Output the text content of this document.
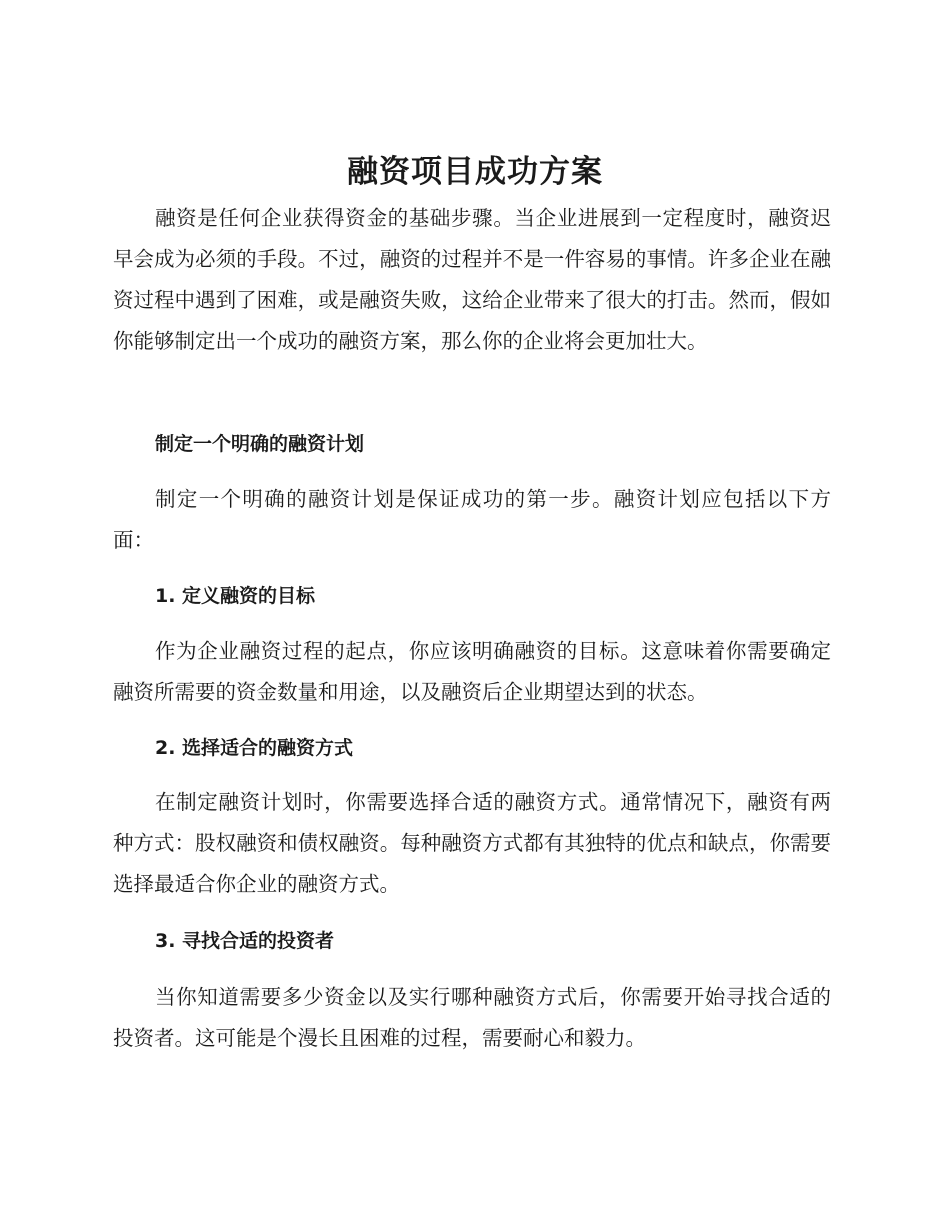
融资项目成功方案

融资是任何企业获得资金的基础步骤。当企业进展到一定程度时，融资迟早会成为必须的手段。不过，融资的过程并不是一件容易的事情。许多企业在融资过程中遇到了困难，或是融资失败，这给企业带来了很大的打击。然而，假如你能够制定出一个成功的融资方案，那么你的企业将会更加壮大。

制定一个明确的融资计划

制定一个明确的融资计划是保证成功的第一步。融资计划应包括以下方面：

1. 定义融资的目标

作为企业融资过程的起点，你应该明确融资的目标。这意味着你需要确定融资所需要的资金数量和用途，以及融资后企业期望达到的状态。

2. 选择适合的融资方式

在制定融资计划时，你需要选择合适的融资方式。通常情况下，融资有两种方式：股权融资和债权融资。每种融资方式都有其独特的优点和缺点，你需要选择最适合你企业的融资方式。

3. 寻找合适的投资者

当你知道需要多少资金以及实行哪种融资方式后，你需要开始寻找合适的投资者。这可能是个漫长且困难的过程，需要耐心和毅力。
